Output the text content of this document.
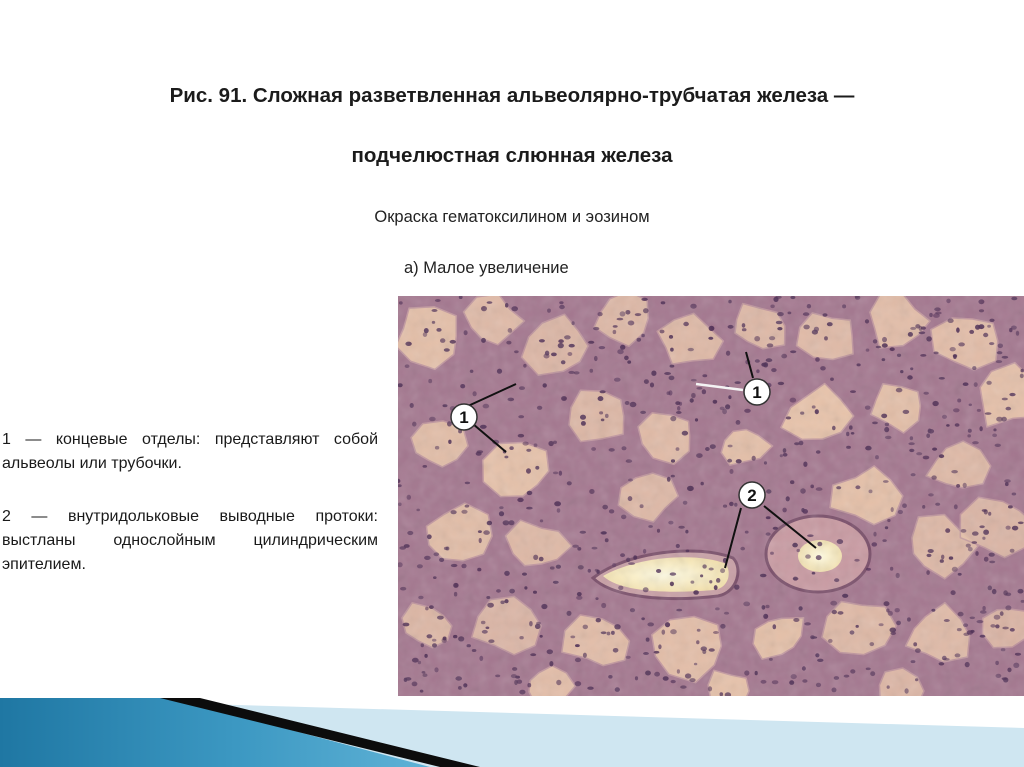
Рис. 91. Сложная разветвленная альвеолярно-трубчатая железа —
подчелюстная слюнная железа
Окраска гематоксилином и эозином
а) Малое увеличение
1 — концевые отделы: представляют собой альвеолы или трубочки.
2 — внутридольковые выводные протоки: выстланы однослойным цилиндрическим эпителием.
1
1
2
